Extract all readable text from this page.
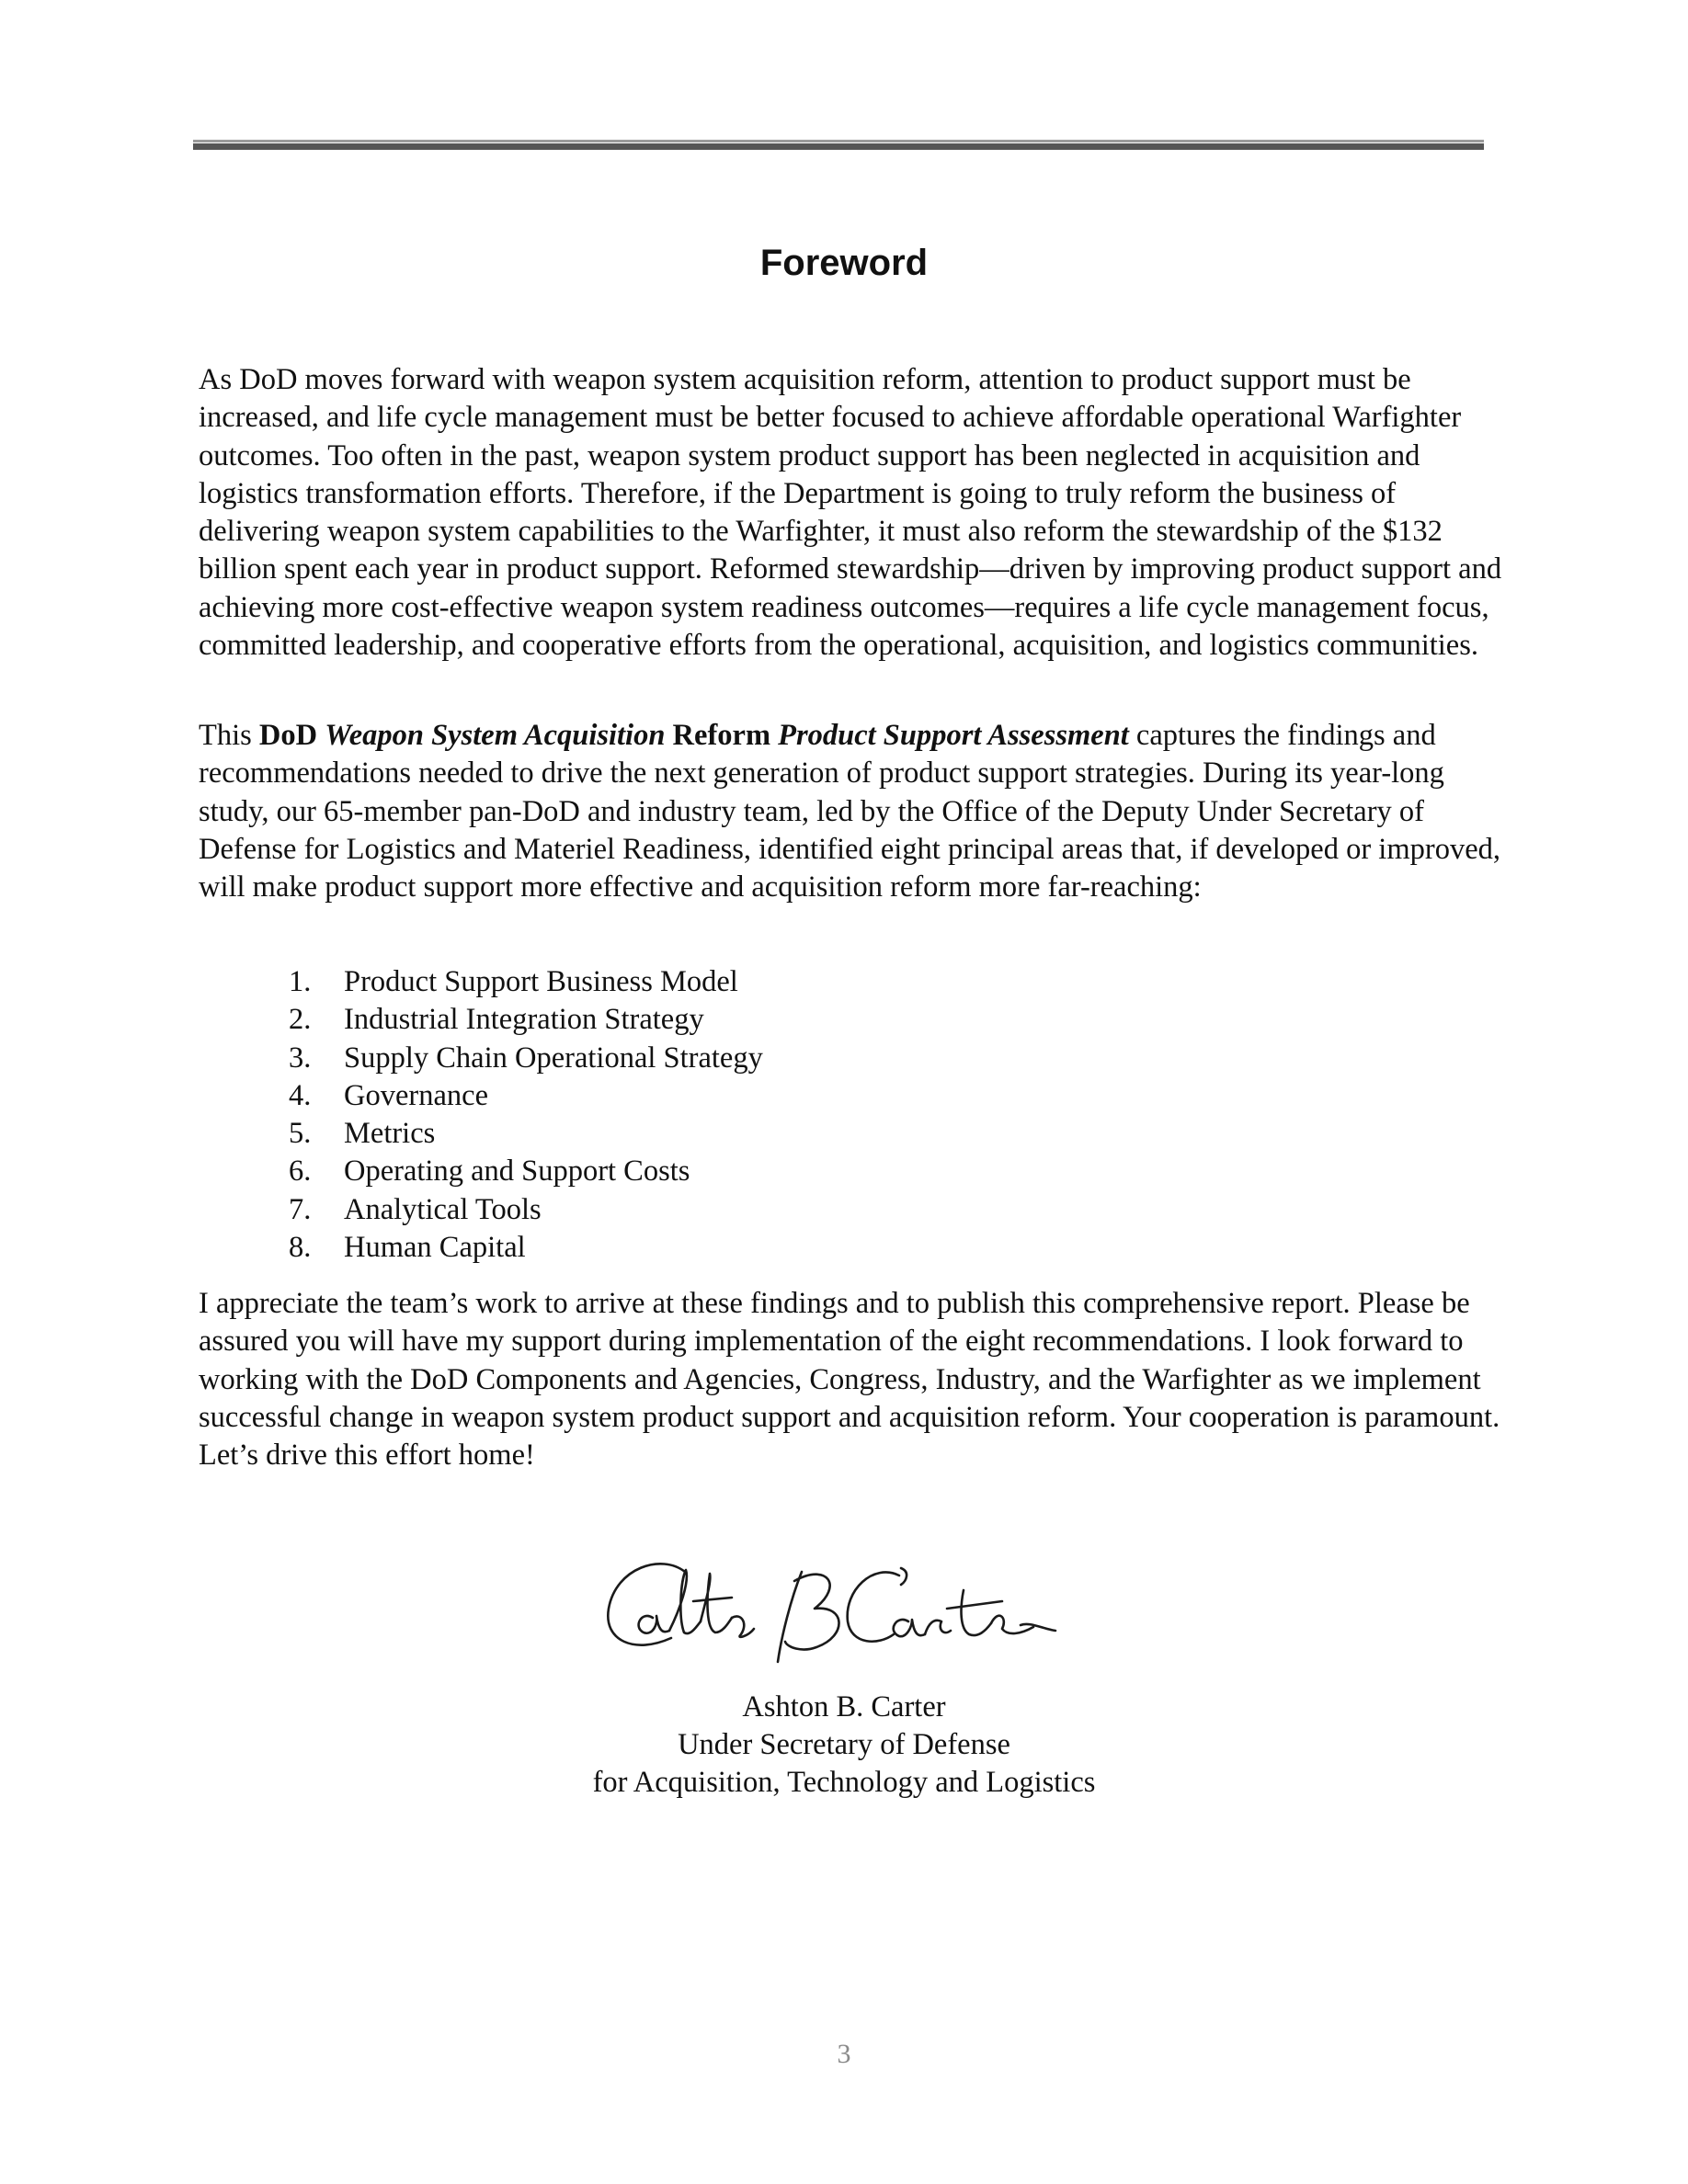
Foreword

As DoD moves forward with weapon system acquisition reform, attention to product support must be increased, and life cycle management must be better focused to achieve affordable operational Warfighter outcomes. Too often in the past, weapon system product support has been neglected in acquisition and logistics transformation efforts. Therefore, if the Department is going to truly reform the business of delivering weapon system capabilities to the Warfighter, it must also reform the stewardship of the $132 billion spent each year in product support. Reformed stewardship—driven by improving product support and achieving more cost-effective weapon system readiness outcomes—requires a life cycle management focus, committed leadership, and cooperative efforts from the operational, acquisition, and logistics communities.

This DoD Weapon System Acquisition Reform Product Support Assessment captures the findings and recommendations needed to drive the next generation of product support strategies. During its year-long study, our 65-member pan-DoD and industry team, led by the Office of the Deputy Under Secretary of Defense for Logistics and Materiel Readiness, identified eight principal areas that, if developed or improved, will make product support more effective and acquisition reform more far-reaching:

1.	Product Support Business Model
2.	Industrial Integration Strategy
3.	Supply Chain Operational Strategy
4.	Governance
5.	Metrics
6.	Operating and Support Costs
7.	Analytical Tools
8.	Human Capital

I appreciate the team’s work to arrive at these findings and to publish this comprehensive report. Please be assured you will have my support during implementation of the eight recommendations. I look forward to working with the DoD Components and Agencies, Congress, Industry, and the Warfighter as we implement successful change in weapon system product support and acquisition reform. Your cooperation is paramount. Let’s drive this effort home!

Ashton B. Carter
Under Secretary of Defense
for Acquisition, Technology and Logistics
3
